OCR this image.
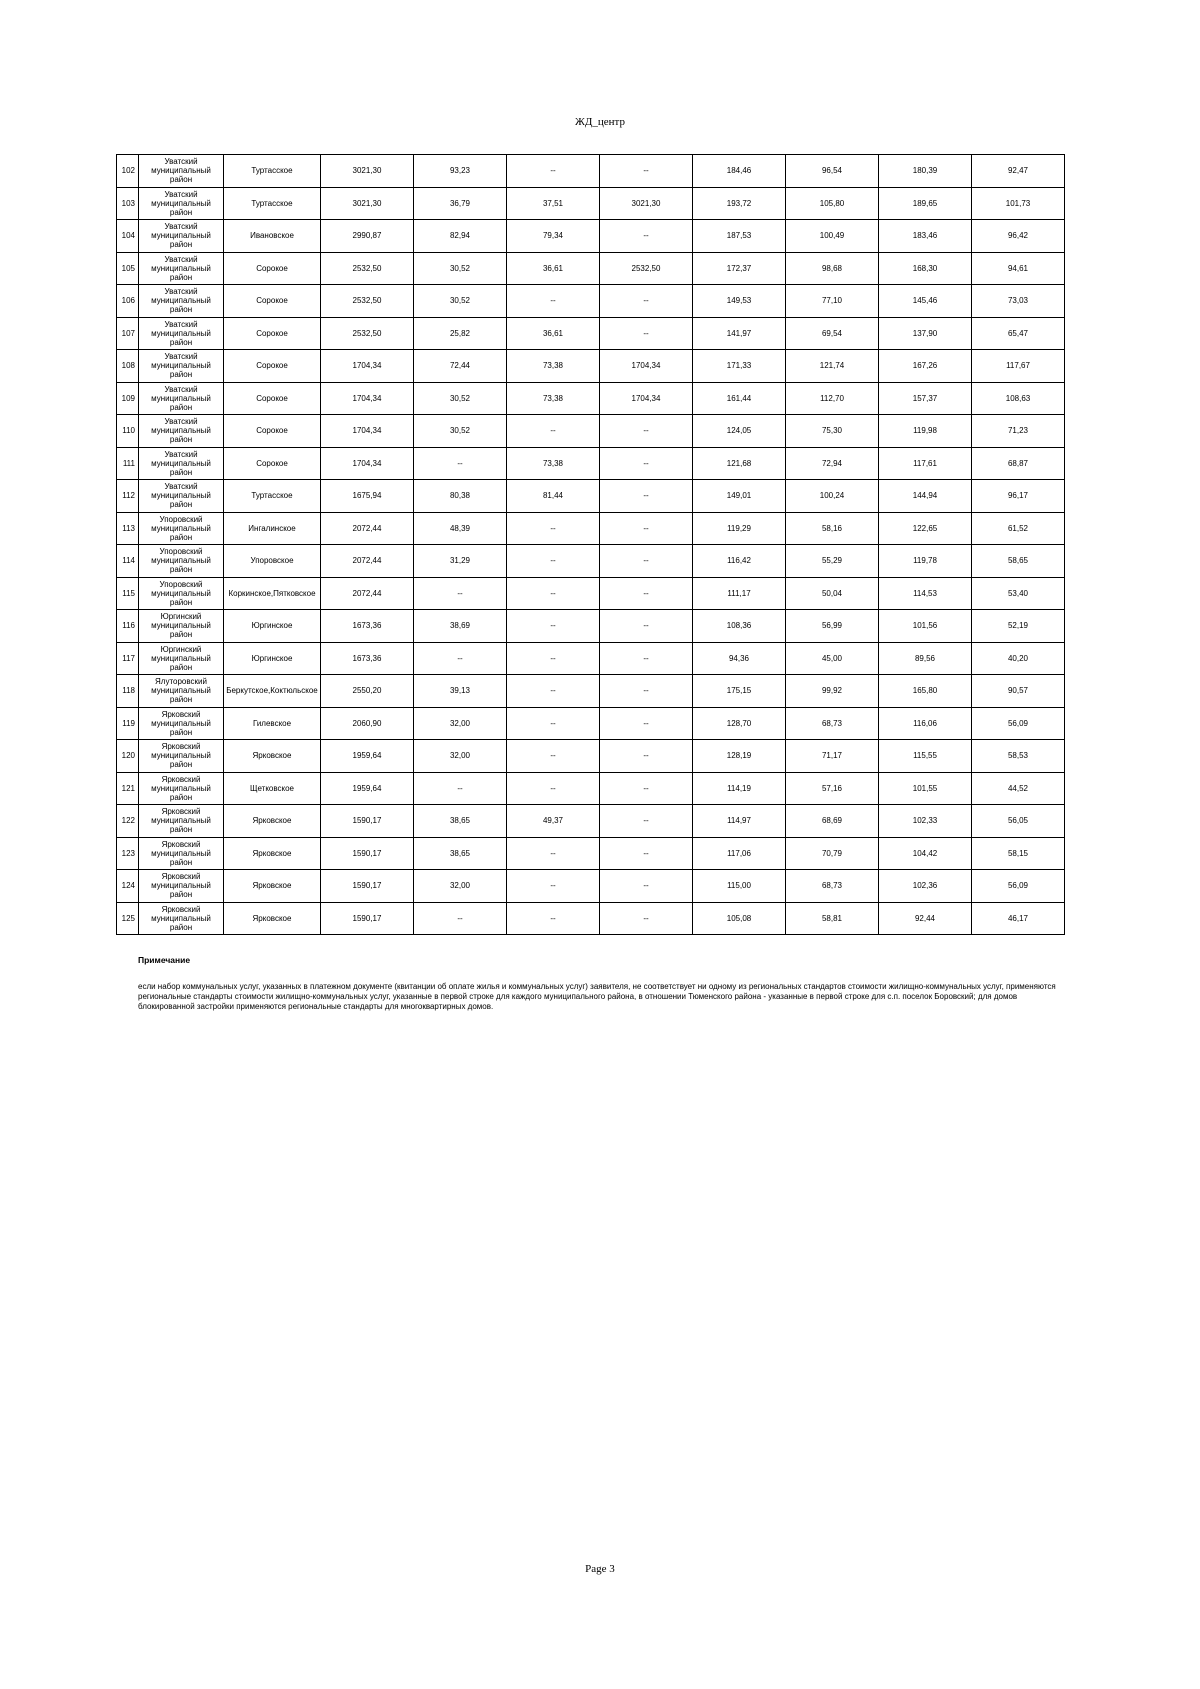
ЖД_центр
102	Уватский муниципальный район	Туртасское	3021,30	93,23	--	--	184,46	96,54	180,39	92,47
103	Уватский муниципальный район	Туртасское	3021,30	36,79	37,51	3021,30	193,72	105,80	189,65	101,73
104	Уватский муниципальный район	Ивановское	2990,87	82,94	79,34	--	187,53	100,49	183,46	96,42
105	Уватский муниципальный район	Сорокое	2532,50	30,52	36,61	2532,50	172,37	98,68	168,30	94,61
106	Уватский муниципальный район	Сорокое	2532,50	30,52	--	--	149,53	77,10	145,46	73,03
107	Уватский муниципальный район	Сорокое	2532,50	25,82	36,61	--	141,97	69,54	137,90	65,47
108	Уватский муниципальный район	Сорокое	1704,34	72,44	73,38	1704,34	171,33	121,74	167,26	117,67
109	Уватский муниципальный район	Сорокое	1704,34	30,52	73,38	1704,34	161,44	112,70	157,37	108,63
110	Уватский муниципальный район	Сорокое	1704,34	30,52	--	--	124,05	75,30	119,98	71,23
111	Уватский муниципальный район	Сорокое	1704,34	--	73,38	--	121,68	72,94	117,61	68,87
112	Уватский муниципальный район	Туртасское	1675,94	80,38	81,44	--	149,01	100,24	144,94	96,17
113	Упоровский муниципальный район	Ингалинское	2072,44	48,39	--	--	119,29	58,16	122,65	61,52
114	Упоровский муниципальный район	Упоровское	2072,44	31,29	--	--	116,42	55,29	119,78	58,65
115	Упоровский муниципальный район	Коркинское,Пятковское	2072,44	--	--	--	111,17	50,04	114,53	53,40
116	Юргинский муниципальный район	Юргинское	1673,36	38,69	--	--	108,36	56,99	101,56	52,19
117	Юргинский муниципальный район	Юргинское	1673,36	--	--	--	94,36	45,00	89,56	40,20
118	Ялуторовский муниципальный район	Беркутское,Коктюльское	2550,20	39,13	--	--	175,15	99,92	165,80	90,57
119	Ярковский муниципальный район	Гилевское	2060,90	32,00	--	--	128,70	68,73	116,06	56,09
120	Ярковский муниципальный район	Ярковское	1959,64	32,00	--	--	128,19	71,17	115,55	58,53
121	Ярковский муниципальный район	Щетковское	1959,64	--	--	--	114,19	57,16	101,55	44,52
122	Ярковский муниципальный район	Ярковское	1590,17	38,65	49,37	--	114,97	68,69	102,33	56,05
123	Ярковский муниципальный район	Ярковское	1590,17	38,65	--	--	117,06	70,79	104,42	58,15
124	Ярковский муниципальный район	Ярковское	1590,17	32,00	--	--	115,00	68,73	102,36	56,09
125	Ярковский муниципальный район	Ярковское	1590,17	--	--	--	105,08	58,81	92,44	46,17
Примечание
если набор коммунальных услуг, указанных в платежном документе (квитанции об оплате жилья и коммунальных услуг) заявителя, не соответствует ни одному из региональных стандартов стоимости жилищно-коммунальных услуг, применяются региональные стандарты стоимости жилищно-коммунальных услуг, указанные в первой строке для каждого муниципального района, в отношении Тюменского района - указанные в первой строке для с.п. поселок Боровский; для домов блокированной застройки применяются региональные стандарты для многоквартирных домов.
Page 3
